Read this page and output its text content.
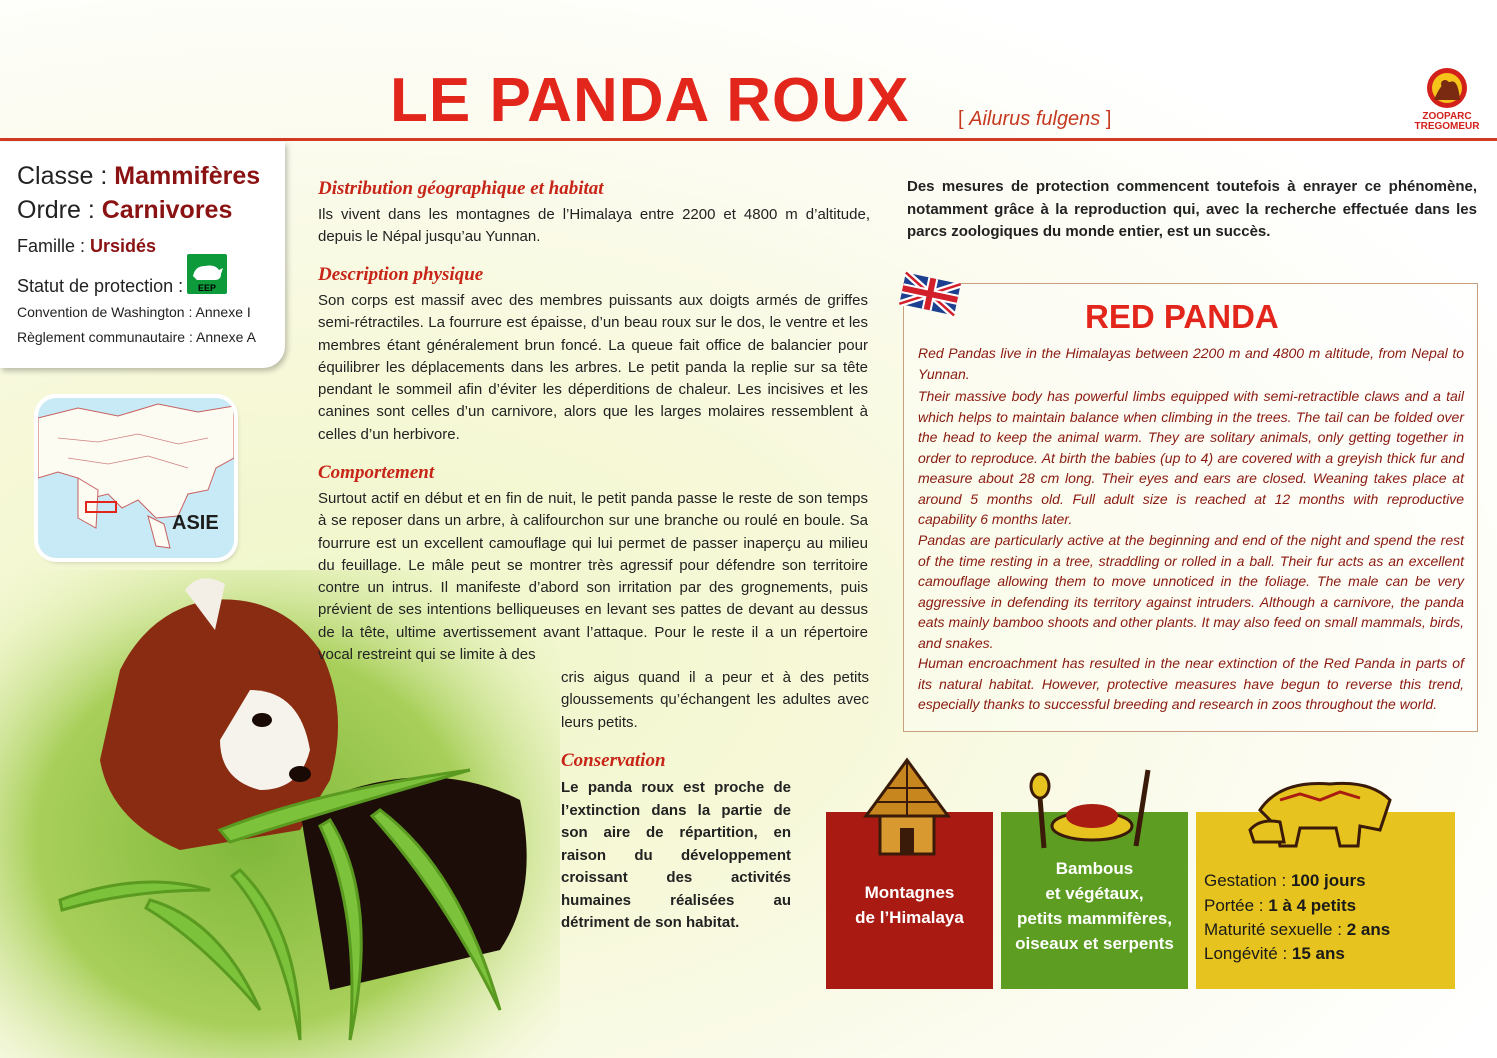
LE PANDA ROUX [ Ailurus fulgens ]	ZOOPARC
TREGOMEUR
Classe : Mammifères
Ordre : Carnivores
Famille : Ursidés
Statut de protection : EEP
Convention de Washington : Annexe I
Règlement communautaire : Annexe A
ASIE
Distribution géographique et habitat
Ils vivent dans les montagnes de l’Himalaya entre 2200 et 4800 m d’altitude, depuis le Népal jusqu’au Yunnan.
Description physique
Son corps est massif avec des membres puissants aux doigts armés de griffes semi-rétractiles. La fourrure est épaisse, d’un beau roux sur le dos, le ventre et les membres étant généralement brun foncé. La queue fait office de balancier pour équilibrer les déplacements dans les arbres. Le petit panda la replie sur sa tête pendant le sommeil afin d’éviter les déperditions de chaleur. Les incisives et les canines sont celles d’un carnivore, alors que les larges molaires ressemblent à celles d’un herbivore.
Comportement
Surtout actif en début et en fin de nuit, le petit panda passe le reste de son temps à se reposer dans un arbre, à califourchon sur une branche ou roulé en boule. Sa fourrure est un excellent camouflage qui lui permet de passer inaperçu au milieu du feuillage. Le mâle peut se montrer très agressif pour défendre son territoire contre un intrus. Il manifeste d’abord son irritation par des grognements, puis prévient de ses intentions belliqueuses en levant ses pattes de devant au dessus de la tête, ultime avertissement avant l’attaque. Pour le reste il a un répertoire vocal restreint qui se limite à des
cris aigus quand il a peur et à des petits gloussements qu’échangent les adultes avec leurs petits.
Conservation
Le panda roux est proche de l’extinction dans la partie de son aire de répartition, en raison du développement croissant des activités humaines réalisées au détriment de son habitat.
Des mesures de protection commencent toutefois à enrayer ce phénomène, notamment grâce à la reproduction qui, avec la recherche effectuée dans les parcs zoologiques du monde entier, est un succès.
RED PANDA
Red Pandas live in the Himalayas between 2200 m and 4800 m altitude, from Nepal to Yunnan.
Their massive body has powerful limbs equipped with semi-retractible claws and a tail which helps to maintain balance when climbing in the trees. The tail can be folded over the head to keep the animal warm. They are solitary animals, only getting together in order to reproduce. At birth the babies (up to 4) are covered with a greyish thick fur and measure about 28 cm long. Their eyes and ears are closed. Weaning takes place at around 5 months old. Full adult size is reached at 12 months with reproductive capability 6 months later.
Pandas are particularly active at the beginning and end of the night and spend the rest of the time resting in a tree, straddling or rolled in a ball. Their fur acts as an excellent camouflage allowing them to move unnoticed in the foliage. The male can be very aggressive in defending its territory against intruders. Although a carnivore, the panda eats mainly bamboo shoots and other plants. It may also feed on small mammals, birds, and snakes.
Human encroachment has resulted in the near extinction of the Red Panda in parts of its natural habitat. However, protective measures have begun to reverse this trend, especially thanks to successful breeding and research in zoos throughout the world.
Montagnes
de l’Himalaya
Bambous
et végétaux,
petits mammifères,
oiseaux et serpents
Gestation : 100 jours
Portée : 1 à 4 petits
Maturité sexuelle : 2 ans
Longévité : 15 ans
